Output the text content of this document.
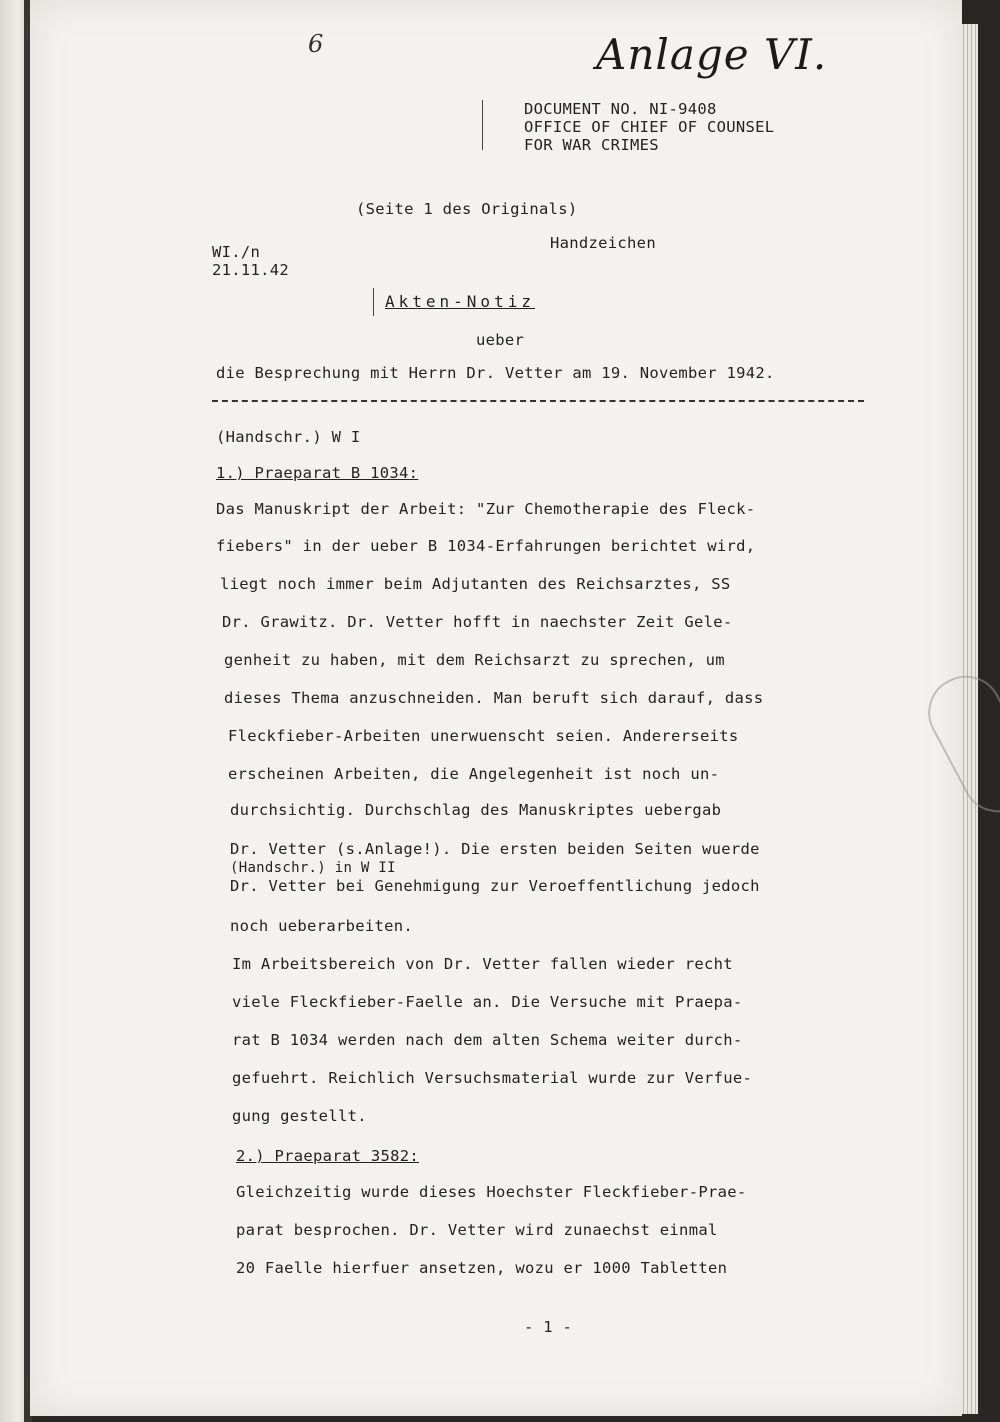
6	Anlage VI.
DOCUMENT NO. NI-9408
OFFICE OF CHIEF OF COUNSEL
FOR WAR CRIMES
(Seite 1 des Originals)
Handzeichen
WI./n
21.11.42
Akten-Notiz
ueber
die Besprechung mit Herrn Dr. Vetter am 19. November 1942.
(Handschr.) W I
1.) Praeparat B 1034:
Das Manuskript der Arbeit: "Zur Chemotherapie des Fleck-
fiebers" in der ueber B 1034-Erfahrungen berichtet wird,
liegt noch immer beim Adjutanten des Reichsarztes, SS
Dr. Grawitz. Dr. Vetter hofft in naechster Zeit Gele-
genheit zu haben, mit dem Reichsarzt zu sprechen, um
dieses Thema anzuschneiden. Man beruft sich darauf, dass
Fleckfieber-Arbeiten unerwuenscht seien. Andererseits
erscheinen Arbeiten, die Angelegenheit ist noch un-
durchsichtig. Durchschlag des Manuskriptes uebergab
Dr. Vetter (s.Anlage!). Die ersten beiden Seiten wuerde
(Handschr.) in W II
Dr. Vetter bei Genehmigung zur Veroeffentlichung jedoch
noch ueberarbeiten.
Im Arbeitsbereich von Dr. Vetter fallen wieder recht
viele Fleckfieber-Faelle an. Die Versuche mit Praepa-
rat B 1034 werden nach dem alten Schema weiter durch-
gefuehrt. Reichlich Versuchsmaterial wurde zur Verfue-
gung gestellt.
2.) Praeparat 3582:
Gleichzeitig wurde dieses Hoechster Fleckfieber-Prae-
parat besprochen. Dr. Vetter wird zunaechst einmal
20 Faelle hierfuer ansetzen, wozu er 1000 Tabletten
- 1 -
